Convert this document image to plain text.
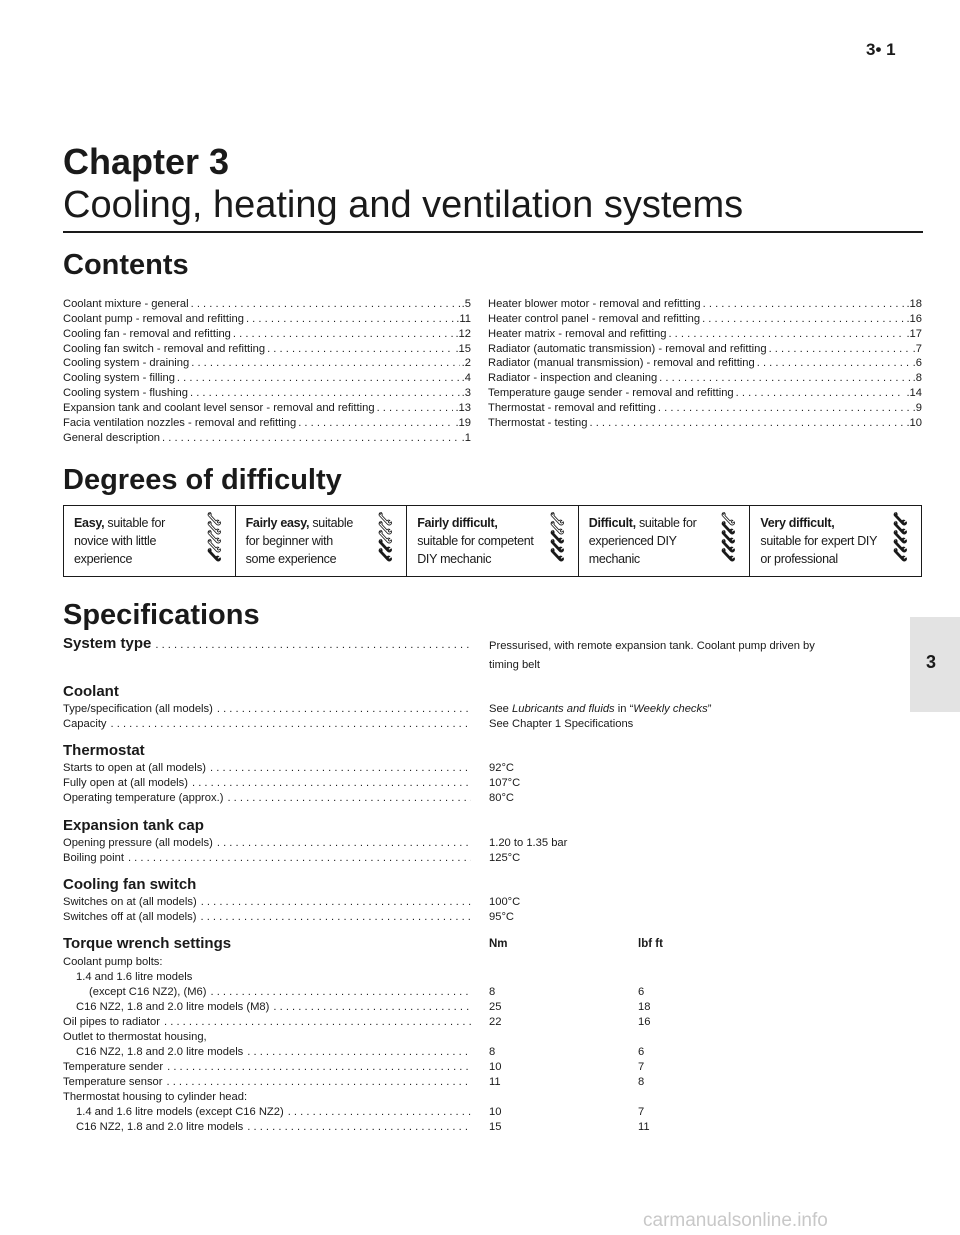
3• 1
Chapter 3
Cooling, heating and ventilation systems
Contents
Coolant mixture - general . . .	.5
Coolant pump - removal and refitting . . .	.11
Cooling fan - removal and refitting . . .	.12
Cooling fan switch - removal and refitting . . .	.15
Cooling system - draining . . .	.2
Cooling system - filling . . .	.4
Cooling system - flushing . . .	.3
Expansion tank and coolant level sensor - removal and refitting . . .	.13
Facia ventilation nozzles - removal and refitting . . .	.19
General description . . .	.1
Heater blower motor - removal and refitting . . .	.18
Heater control panel - removal and refitting . . .	.16
Heater matrix - removal and refitting . . .	.17
Radiator (automatic transmission) - removal and refitting . . .	.7
Radiator (manual transmission) - removal and refitting . . .	.6
Radiator - inspection and cleaning . . .	.8
Temperature gauge sender - removal and refitting . . .	.14
Thermostat - removal and refitting . . .	.9
Thermostat - testing . . .	.10
Degrees of difficulty
Easy, suitable for
novice with little
experience
Fairly easy, suitable
for beginner with
some experience
Fairly difficult,
suitable for competent
DIY mechanic
Difficult, suitable for
experienced DIY
mechanic
Very difficult,
suitable for expert DIY
or professional
3
Specifications
System type . . .	Pressurised, with remote expansion tank. Coolant pump driven by
timing belt
Coolant
Type/specification (all models) . . .	See Lubricants and fluids in “Weekly checks”
Capacity . . .	See Chapter 1 Specifications
Thermostat
Starts to open at (all models) . . .	92°C
Fully open at (all models) . . .	107°C
Operating temperature (approx.) . . .	80°C
Expansion tank cap
Opening pressure (all models) . . .	1.20 to 1.35 bar
Boiling point . . .	125°C
Cooling fan switch
Switches on at (all models) . . .	100°C
Switches off at (all models) . . .	95°C
Torque wrench settings	Nm	lbf ft
Coolant pump bolts:
1.4 and 1.6 litre models
(except C16 NZ2), (M6) . . .	8	6
C16 NZ2, 1.8 and 2.0 litre models (M8) . . .	25	18
Oil pipes to radiator . . .	22	16
Outlet to thermostat housing,
C16 NZ2, 1.8 and 2.0 litre models . . .	8	6
Temperature sender . . .	10	7
Temperature sensor . . .	11	8
Thermostat housing to cylinder head:
1.4 and 1.6 litre models (except C16 NZ2) . . .	10	7
C16 NZ2, 1.8 and 2.0 litre models . . .	15	11
carmanualsonline.info
